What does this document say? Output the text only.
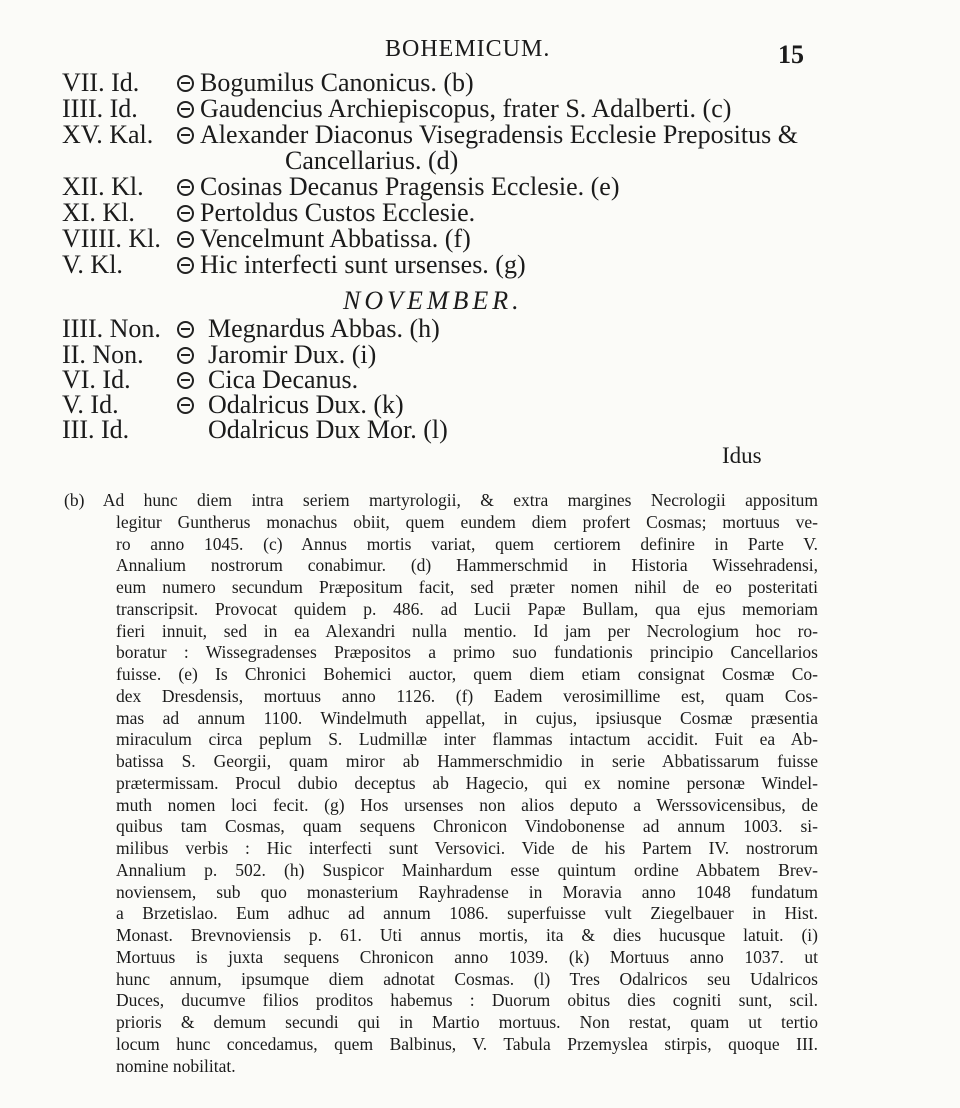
BOHEMICUM.	15
VII. Id. Bogumilus Canonicus. (b)
IIII. Id. Gaudencius Archiepiscopus, frater S. Adalberti. (c)
XV. Kal. Alexander Diaconus Visegradensis Ecclesie Prepositus &
Cancellarius. (d)
XII. Kl. Cosinas Decanus Pragensis Ecclesie. (e)
XI. Kl.	Pertoldus Custos Ecclesie.
VIIII. Kl. Vencelmunt Abbatissa. (f)
V. Kl.	Hic interfecti sunt ursenses. (g)
NOVEMBER.
IIII. Non. Megnardus Abbas. (h)
II. Non. Jaromir Dux. (i)
VI. Id.	Cica Decanus.
V. Id.	Odalricus Dux. (k)
III. Id.	Odalricus Dux Mor. (l)
Idus
(b) Ad hunc diem intra seriem martyrologii, & extra margines Necrologii appositum
legitur Guntherus monachus obiit, quem eundem diem profert Cosmas; mortuus ve-
ro anno 1045. (c) Annus mortis variat, quem certiorem definire in Parte V.
Annalium nostrorum conabimur. (d) Hammerschmid in Historia Wissehradensi,
eum numero secundum Præpositum facit, sed præter nomen nihil de eo posteritati
transcripsit. Provocat quidem p. 486. ad Lucii Papæ Bullam, qua ejus memoriam
fieri innuit, sed in ea Alexandri nulla mentio. Id jam per Necrologium hoc ro-
boratur : Wissegradenses Præpositos a primo suo fundationis principio Cancellarios
fuisse. (e) Is Chronici Bohemici auctor, quem diem etiam consignat Cosmæ Co-
dex Dresdensis, mortuus anno 1126. (f) Eadem verosimillime est, quam Cos-
mas ad annum 1100. Windelmuth appellat, in cujus, ipsiusque Cosmæ præsentia
miraculum circa peplum S. Ludmillæ inter flammas intactum accidit. Fuit ea Ab-
batissa S. Georgii, quam miror ab Hammerschmidio in serie Abbatissarum fuisse
prætermissam. Procul dubio deceptus ab Hagecio, qui ex nomine personæ Windel-
muth nomen loci fecit. (g) Hos ursenses non alios deputo a Werssovicensibus, de
quibus tam Cosmas, quam sequens Chronicon Vindobonense ad annum 1003. si-
milibus verbis : Hic interfecti sunt Versovici. Vide de his Partem IV. nostrorum
Annalium p. 502. (h) Suspicor Mainhardum esse quintum ordine Abbatem Brev-
noviensem, sub quo monasterium Rayhradense in Moravia anno 1048 fundatum
a Brzetislao. Eum adhuc ad annum 1086. superfuisse vult Ziegelbauer in Hist.
Monast. Brevnoviensis p. 61. Uti annus mortis, ita & dies hucusque latuit. (i)
Mortuus is juxta sequens Chronicon anno 1039. (k) Mortuus anno 1037. ut
hunc annum, ipsumque diem adnotat Cosmas. (l) Tres Odalricos seu Udalricos
Duces, ducumve filios proditos habemus : Duorum obitus dies cogniti sunt, scil.
prioris & demum secundi qui in Martio mortuus. Non restat, quam ut tertio
locum hunc concedamus, quem Balbinus, V. Tabula Przemyslea stirpis, quoque III.
nomine nobilitat.
